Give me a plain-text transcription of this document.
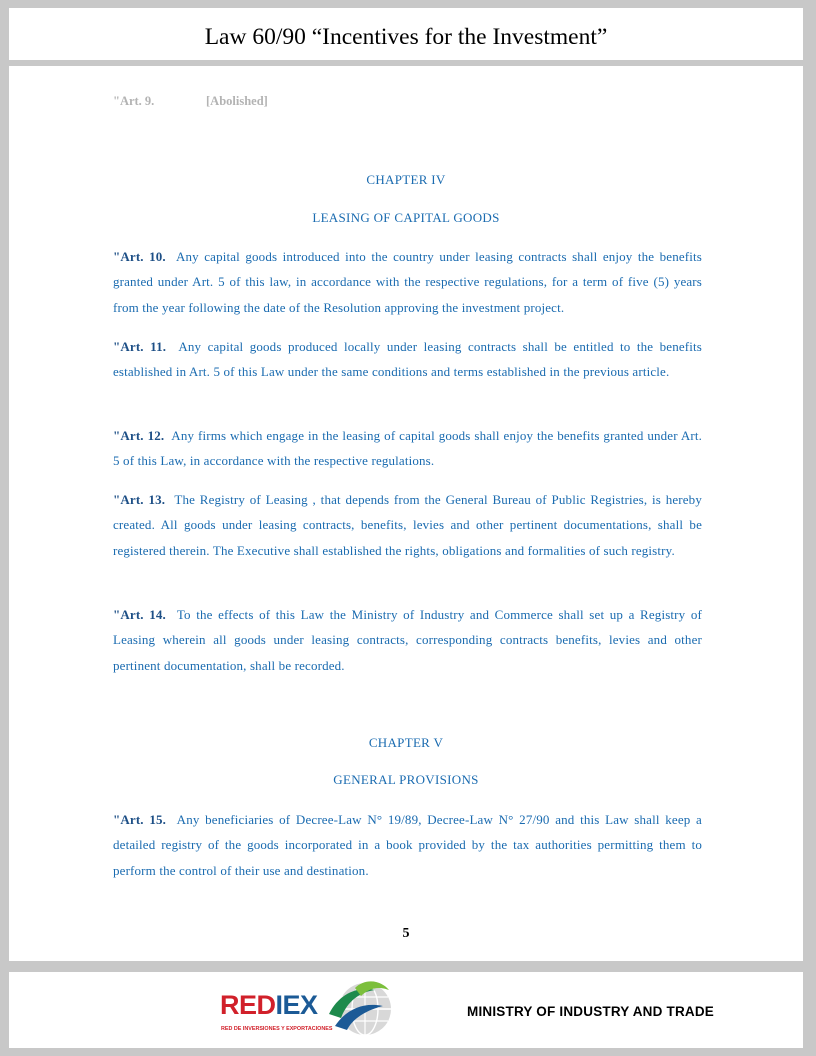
Law 60/90 “Incentives for the Investment”
"Art. 9.	[Abolished]
CHAPTER IV
LEASING OF CAPITAL GOODS
"Art. 10. Any capital goods introduced into the country under leasing contracts shall enjoy the benefits granted under Art. 5 of this law, in accordance with the respective regulations, for a term of five (5) years from the year following the date of the Resolution approving the investment project.
"Art. 11. Any capital goods produced locally under leasing contracts shall be entitled to the benefits established in Art. 5 of this Law under the same conditions and terms established in the previous article.
"Art. 12. Any firms which engage in the leasing of capital goods shall enjoy the benefits granted under Art. 5 of this Law, in accordance with the respective regulations.
"Art. 13. The Registry of Leasing , that depends from the General Bureau of Public Registries, is hereby created. All goods under leasing contracts, benefits, levies and other pertinent documentations, shall be registered therein. The Executive shall established the rights, obligations and formalities of such registry.
"Art. 14. To the effects of this Law the Ministry of Industry and Commerce shall set up a Registry of Leasing wherein all goods under leasing contracts, corresponding contracts benefits, levies and other pertinent documentation, shall be recorded.
CHAPTER V
GENERAL PROVISIONS
"Art. 15. Any beneficiaries of Decree-Law N° 19/89, Decree-Law N° 27/90 and this Law shall keep a detailed registry of the goods incorporated in a book provided by the tax authorities permitting them to perform the control of their use and destination.
5
REDIEX
RED DE INVERSIONES Y EXPORTACIONES
MINISTRY OF INDUSTRY AND TRADE
